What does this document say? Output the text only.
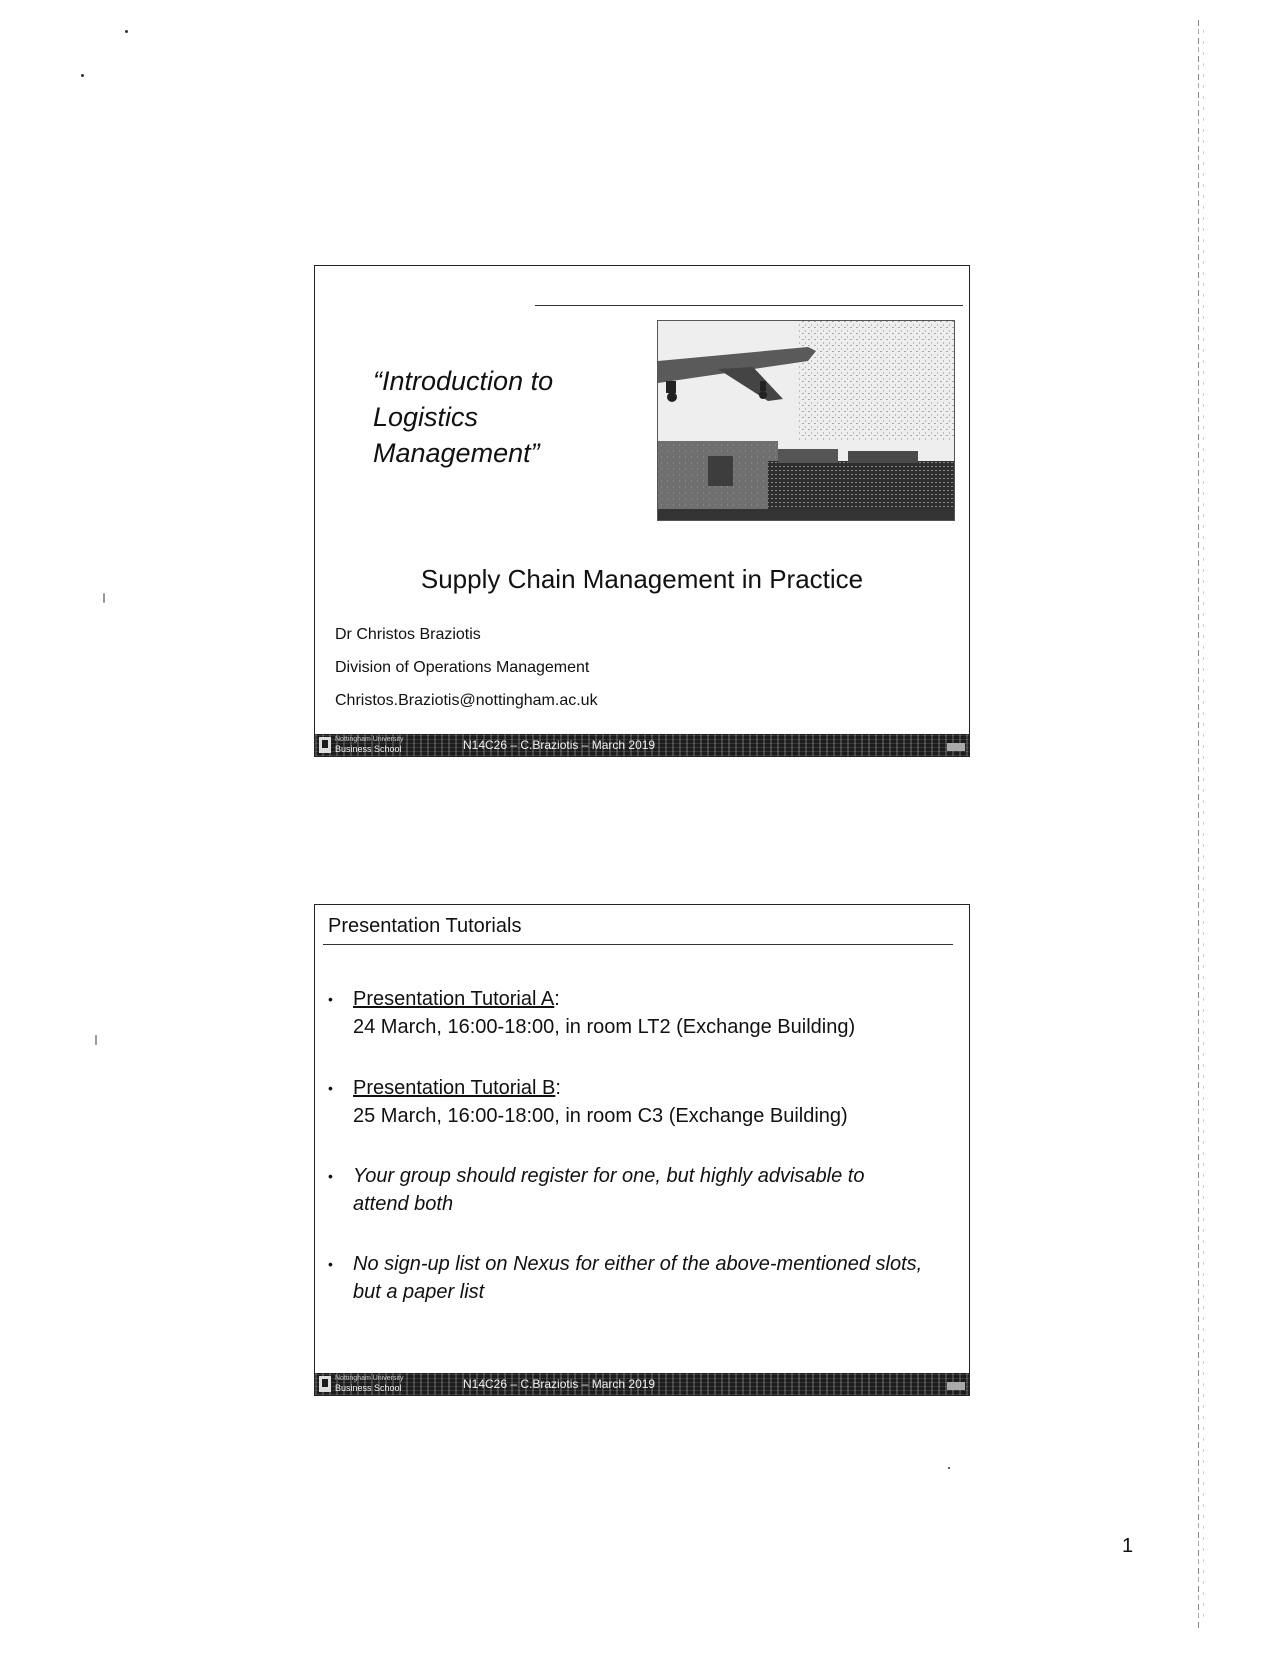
“Introduction to Logistics Management”
Supply Chain Management in Practice
Dr Christos Braziotis
Division of Operations Management
Christos.Braziotis@nottingham.ac.uk
Nottingham University
Business School	N14C26 – C.Braziotis – March 2019
Presentation Tutorials
• Presentation Tutorial A:
24 March, 16:00-18:00, in room LT2 (Exchange Building)
• Presentation Tutorial B:
25 March, 16:00-18:00, in room C3 (Exchange Building)
• Your group should register for one, but highly advisable to attend both
• No sign-up list on Nexus for either of the above-mentioned slots, but a paper list
Nottingham University
Business School	N14C26 – C.Braziotis – March 2019
1
